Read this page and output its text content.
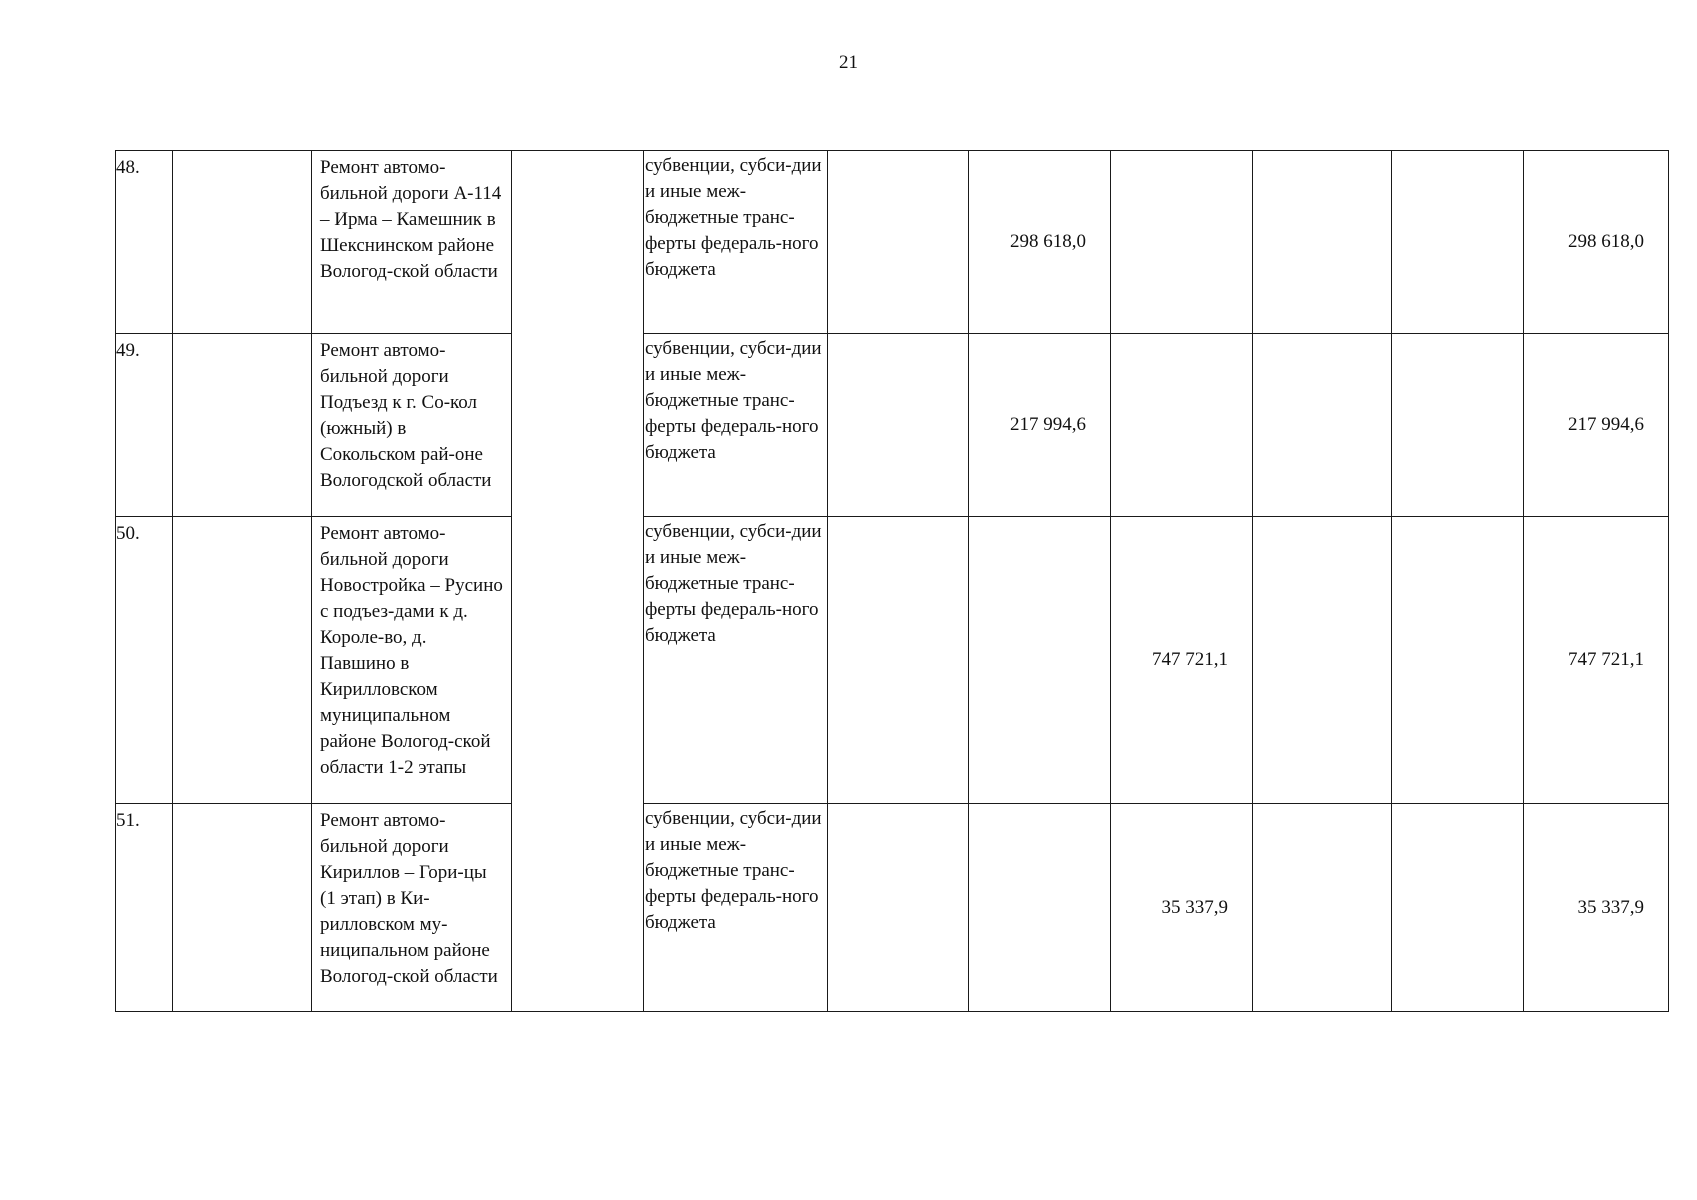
21
48.		Ремонт автомо-бильной дороги А-114 – Ирма – Камешник в Шекснинском районе Вологод-ской области		субвенции, субси-дии и иные меж-бюджетные транс-ферты федераль-ного бюджета		298 618,0				298 618,0
49.		Ремонт автомо-бильной дороги Подъезд к г. Со-кол (южный) в Сокольском рай-оне Вологодской области		субвенции, субси-дии и иные меж-бюджетные транс-ферты федераль-ного бюджета		217 994,6				217 994,6
50.		Ремонт автомо-бильной дороги Новостройка – Русино с подъез-дами к д. Короле-во, д. Павшино в Кирилловском муниципальном районе Вологод-ской области 1-2 этапы		субвенции, субси-дии и иные меж-бюджетные транс-ферты федераль-ного бюджета			747 721,1			747 721,1
51.		Ремонт автомо-бильной дороги Кириллов – Гори-цы (1 этап) в Ки-рилловском му-ниципальном районе Вологод-ской области		субвенции, субси-дии и иные меж-бюджетные транс-ферты федераль-ного бюджета			35 337,9			35 337,9
